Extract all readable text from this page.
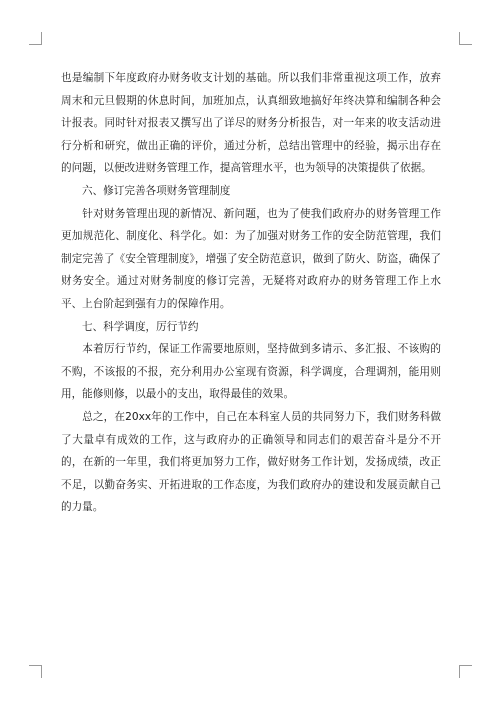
也是编制下年度政府办财务收支计划的基础。所以我们非常重视这项工作，放弃周末和元旦假期的休息时间，加班加点，认真细致地搞好年终决算和编制各种会计报表。同时针对报表又撰写出了详尽的财务分析报告，对一年来的收支活动进行分析和研究，做出正确的评价，通过分析，总结出管理中的经验，揭示出存在的问题，以便改进财务管理工作，提高管理水平，也为领导的决策提供了依据。

六、修订完善各项财务管理制度

针对财务管理出现的新情况、新问题，也为了使我们政府办的财务管理工作更加规范化、制度化、科学化。如：为了加强对财务工作的安全防范管理，我们制定完善了《安全管理制度》，增强了安全防范意识，做到了防火、防盗，确保了财务安全。通过对财务制度的修订完善，无疑将对政府办的财务管理工作上水平、上台阶起到强有力的保障作用。

七、科学调度，厉行节约

本着厉行节约，保证工作需要地原则，坚持做到多请示、多汇报、不该购的不购，不该报的不报，充分利用办公室现有资源，科学调度，合理调剂，能用则用，能修则修，以最小的支出，取得最佳的效果。

总之，在20xx年的工作中，自己在本科室人员的共同努力下，我们财务科做了大量卓有成效的工作，这与政府办的正确领导和同志们的艰苦奋斗是分不开的，在新的一年里，我们将更加努力工作，做好财务工作计划，发扬成绩，改正不足，以勤奋务实、开拓进取的工作态度，为我们政府办的建设和发展贡献自己的力量。
